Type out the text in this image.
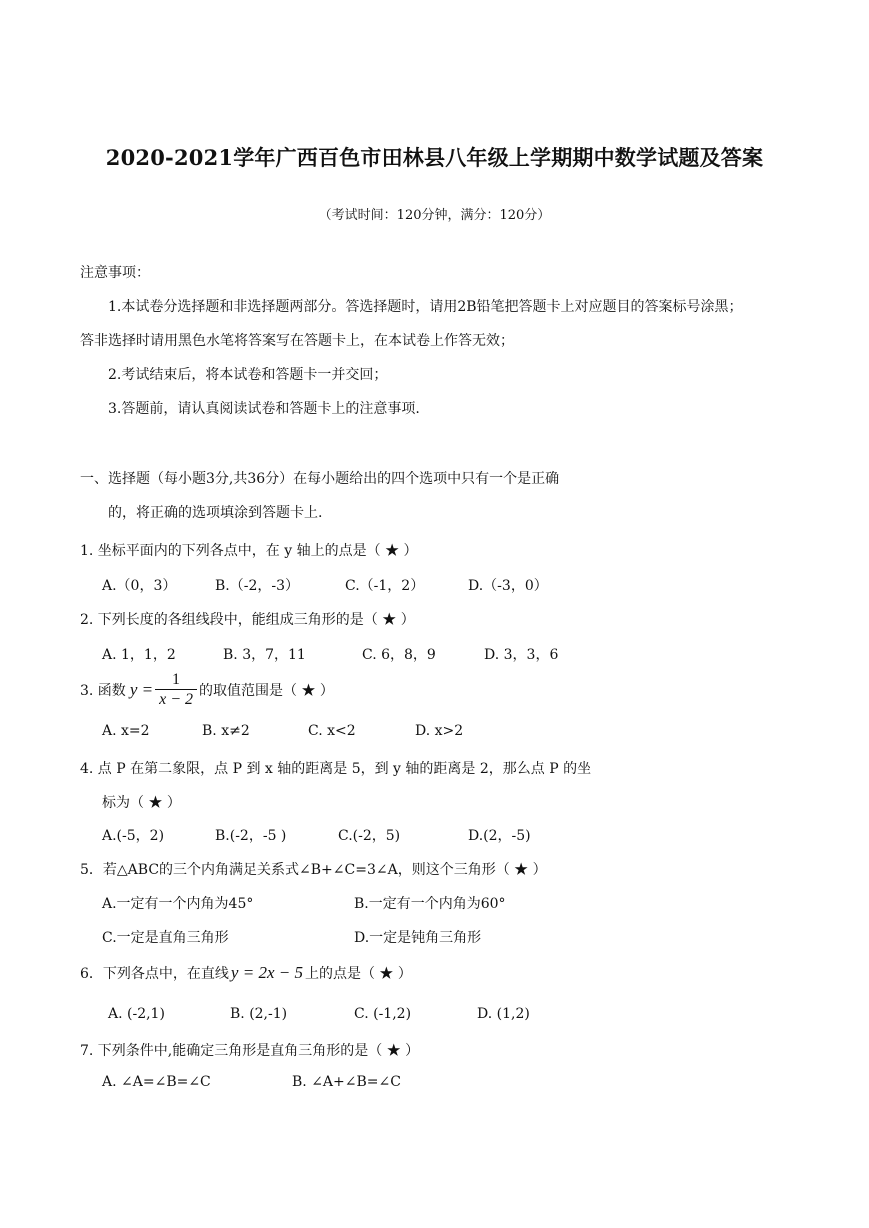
2020-2021学年广西百色市田林县八年级上学期期中数学试题及答案
（考试时间：120分钟，满分：120分）
注意事项：
1.本试卷分选择题和非选择题两部分。答选择题时，请用2B铅笔把答题卡上对应题目的答案标号涂黑；
答非选择时请用黑色水笔将答案写在答题卡上，在本试卷上作答无效；
2.考试结束后，将本试卷和答题卡一并交回；
3.答题前，请认真阅读试卷和答题卡上的注意事项.
一、选择题（每小题3分,共36分）在每小题给出的四个选项中只有一个是正确
的，将正确的选项填涂到答题卡上.
1. 坐标平面内的下列各点中，在 y 轴上的点是（ ★ ）
A.（0，3）	B.（-2，-3）	C.（-1，2）	D.（-3，0）
2. 下列长度的各组线段中，能组成三角形的是（ ★ ）
A. 1，1，2	B. 3，7，11	C. 6，8，9	D. 3，3，6
3. 函数 $y = \frac{1}{x - 2}$ 的取值范围是（ ★ ）
A. x=2	B. x≠2	C. x<2	D. x>2
4. 点 P 在第二象限，点 P 到 x 轴的距离是 5，到 y 轴的距离是 2，那么点 P 的坐
标为（ ★ ）
A.(-5，2)	B.(-2，-5 )	C.(-2，5)	D.(2，-5)
5．若△ABC的三个内角满足关系式∠B+∠C=3∠A，则这个三角形（ ★ ）
A.一定有一个内角为45°	B.一定有一个内角为60°
C.一定是直角三角形	D.一定是钝角三角形
6．下列各点中，在直线 y = 2x − 5 上的点是（ ★ ）
A. (-2,1)	B. (2,-1)	C. (-1,2)	D. (1,2)
7. 下列条件中,能确定三角形是直角三角形的是（ ★ ）
A. ∠A=∠B=∠C	B. ∠A+∠B=∠C
